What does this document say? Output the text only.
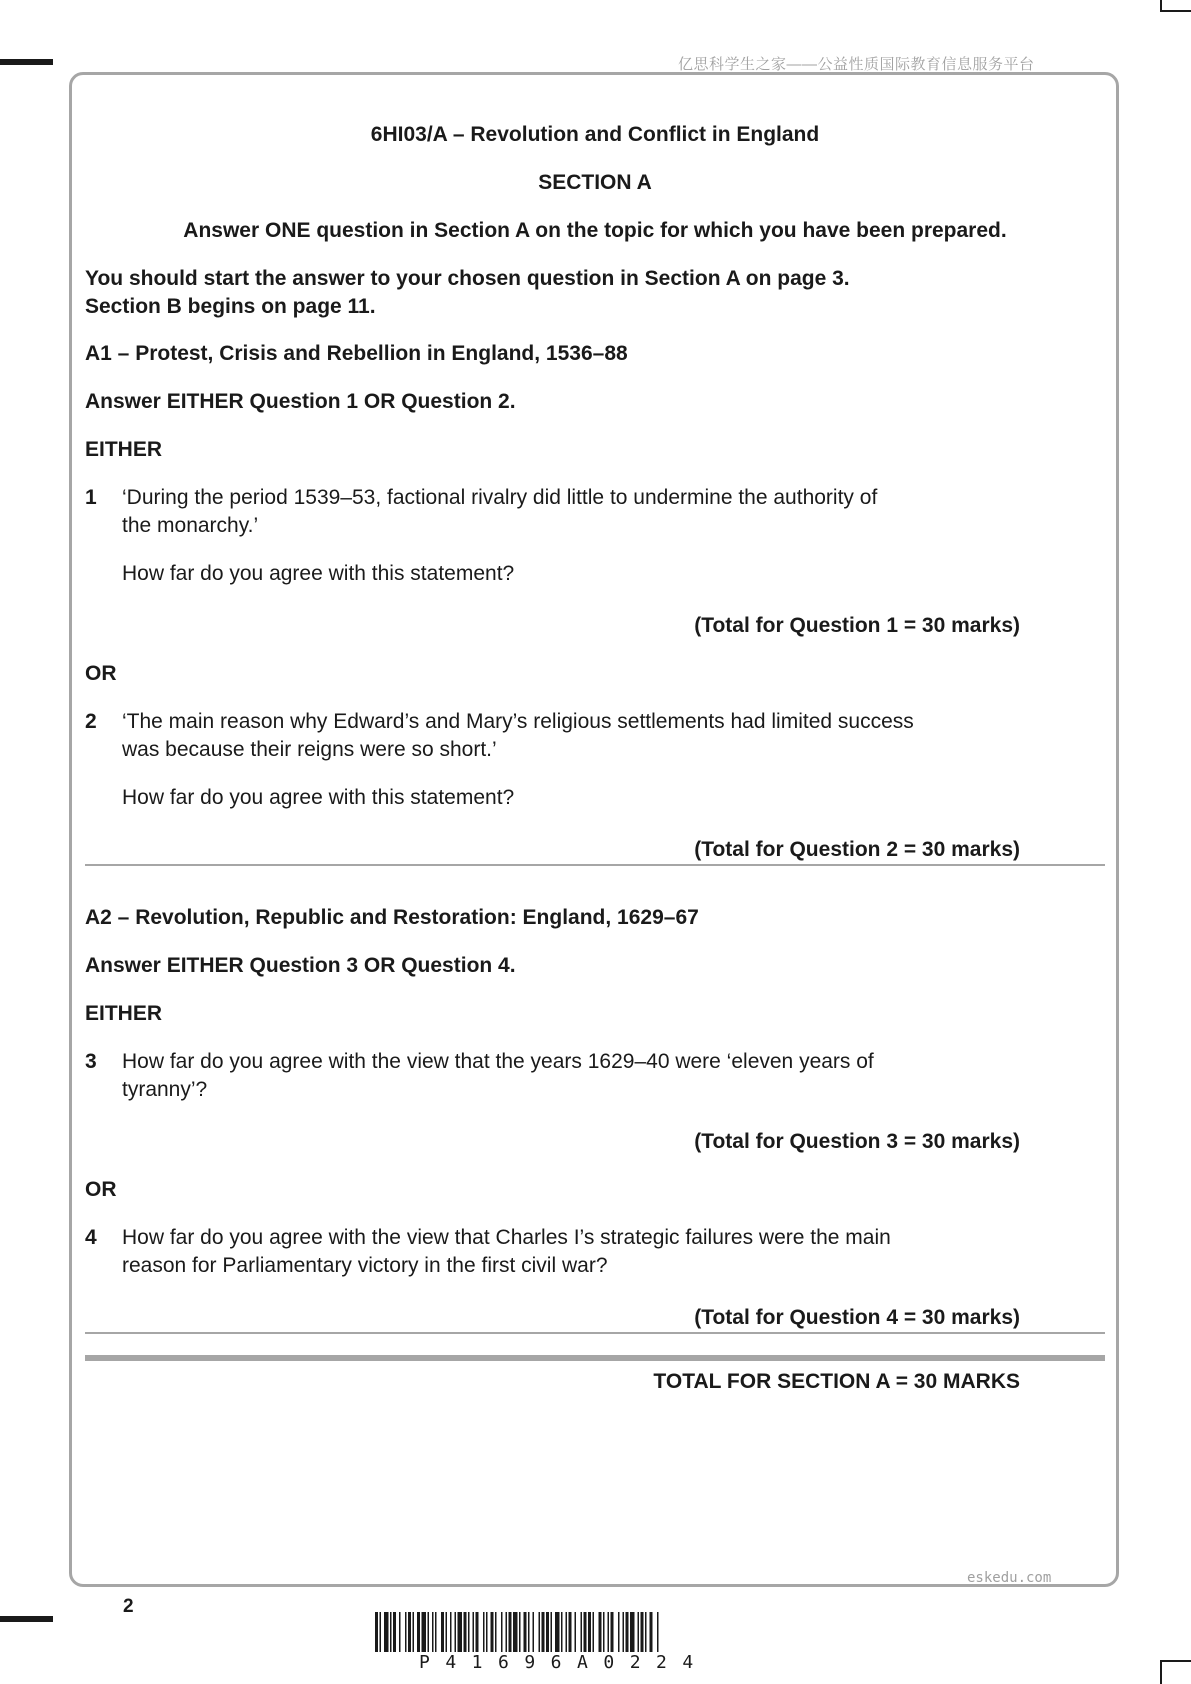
亿思科学生之家——公益性质国际教育信息服务平台
6HI03/A – Revolution and Conflict in England
SECTION A
Answer ONE question in Section A on the topic for which you have been prepared.
You should start the answer to your chosen question in Section A on page 3.
Section B begins on page 11.
A1 – Protest, Crisis and Rebellion in England, 1536–88
Answer EITHER Question 1 OR Question 2.
EITHER
1 ‘During the period 1539–53, factional rivalry did little to undermine the authority of
the monarchy.’
How far do you agree with this statement?
(Total for Question 1 = 30 marks)
OR
2 ‘The main reason why Edward’s and Mary’s religious settlements had limited success
was because their reigns were so short.’
How far do you agree with this statement?
(Total for Question 2 = 30 marks)
A2 – Revolution, Republic and Restoration: England, 1629–67
Answer EITHER Question 3 OR Question 4.
EITHER
3 How far do you agree with the view that the years 1629–40 were ‘eleven years of
tyranny’?
(Total for Question 3 = 30 marks)
OR
4 How far do you agree with the view that Charles I’s strategic failures were the main
reason for Parliamentary victory in the first civil war?
(Total for Question 4 = 30 marks)
TOTAL FOR SECTION A = 30 MARKS
eskedu.com
2
P41696A0224
